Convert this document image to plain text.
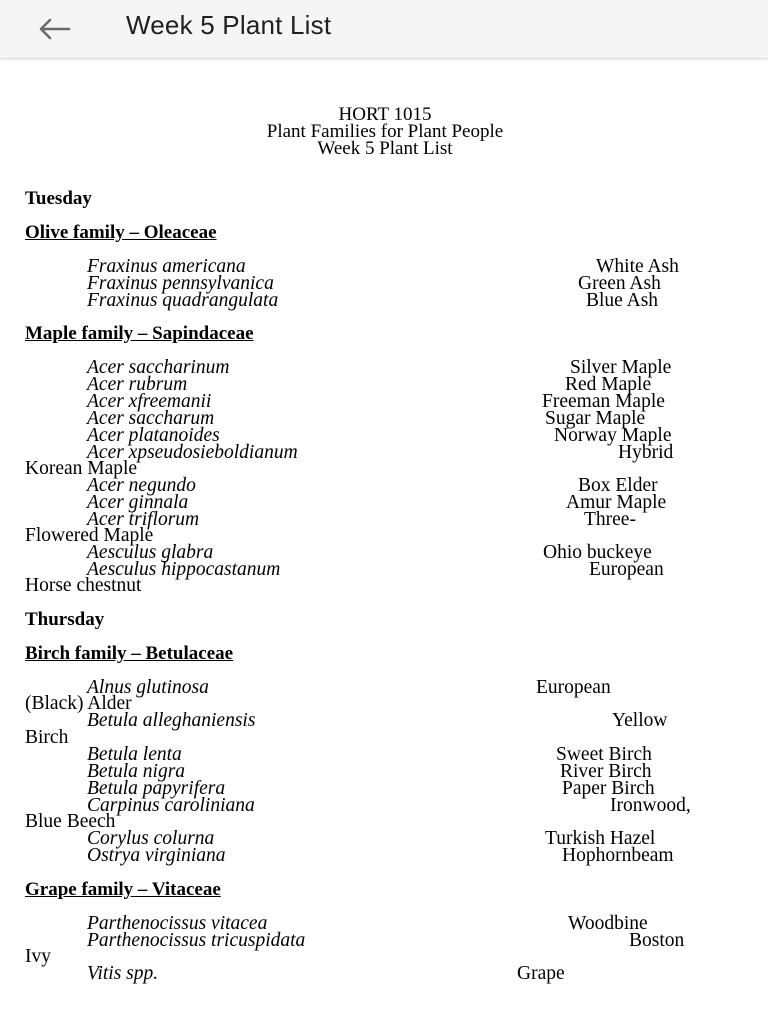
Week 5 Plant List
HORT 1015
Plant Families for Plant People
Week 5 Plant List
Tuesday
Olive family – Oleaceae
Fraxinus americana	White Ash
Fraxinus pennsylvanica	Green Ash
Fraxinus quadrangulata	Blue Ash
Maple family – Sapindaceae
Acer saccharinum	Silver Maple
Acer rubrum	Red Maple
Acer xfreemanii	Freeman Maple
Acer saccharum	Sugar Maple
Acer platanoides	Norway Maple
Acer xpseudosieboldianum	Hybrid
Korean Maple
Acer negundo	Box Elder
Acer ginnala	Amur Maple
Acer triflorum	Three-
Flowered Maple
Aesculus glabra	Ohio buckeye
Aesculus hippocastanum	European
Horse chestnut
Thursday
Birch family – Betulaceae
Alnus glutinosa	European
(Black) Alder
Betula alleghaniensis	Yellow
Birch
Betula lenta	Sweet Birch
Betula nigra	River Birch
Betula papyrifera	Paper Birch
Carpinus caroliniana	Ironwood,
Blue Beech
Corylus colurna	Turkish Hazel
Ostrya virginiana	Hophornbeam
Grape family – Vitaceae
Parthenocissus vitacea	Woodbine
Parthenocissus tricuspidata	Boston
Ivy
Vitis spp.	Grape
